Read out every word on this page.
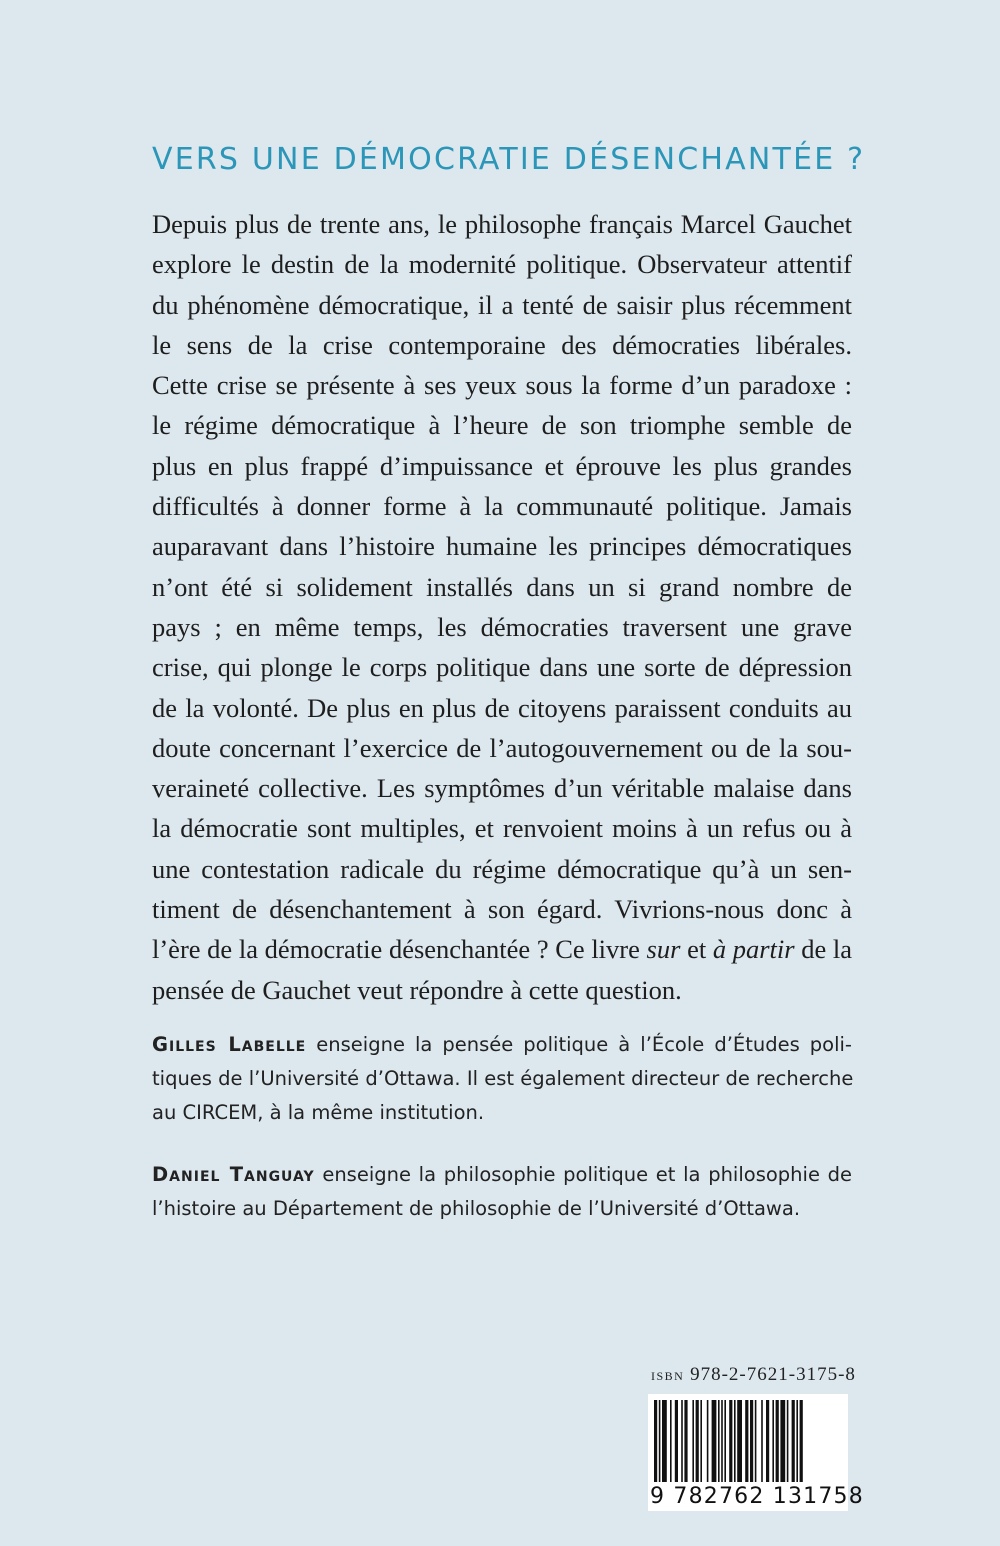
VERS UNE DÉMOCRATIE DÉSENCHANTÉE ?

Depuis plus de trente ans, le philosophe français Marcel Gauchet
explore le destin de la modernité politique. Observateur attentif
du phénomène démocratique, il a tenté de saisir plus récemment
le sens de la crise contemporaine des démocraties libérales.
Cette crise se présente à ses yeux sous la forme d’un paradoxe :
le régime démocratique à l’heure de son triomphe semble de
plus en plus frappé d’impuissance et éprouve les plus grandes
difficultés à donner forme à la communauté politique. Jamais
auparavant dans l’histoire humaine les principes démocratiques
n’ont été si solidement installés dans un si grand nombre de
pays ; en même temps, les démocraties traversent une grave
crise, qui plonge le corps politique dans une sorte de dépression
de la volonté. De plus en plus de citoyens paraissent conduits au
doute concernant l’exercice de l’autogouvernement ou de la sou-
veraineté collective. Les symptômes d’un véritable malaise dans
la démocratie sont multiples, et renvoient moins à un refus ou à
une contestation radicale du régime démocratique qu’à un sen-
timent de désenchantement à son égard. Vivrions-nous donc à
l’ère de la démocratie désenchantée ? Ce livre sur et à partir de la
pensée de Gauchet veut répondre à cette question.

Gilles Labelle enseigne la pensée politique à l’École d’Études poli-
tiques de l’Université d’Ottawa. Il est également directeur de recherche
au CIRCEM, à la même institution.

Daniel Tanguay enseigne la philosophie politique et la philosophie de
l’histoire au Département de philosophie de l’Université d’Ottawa.

isbn 978-2-7621-3175-8
9 782762 131758
